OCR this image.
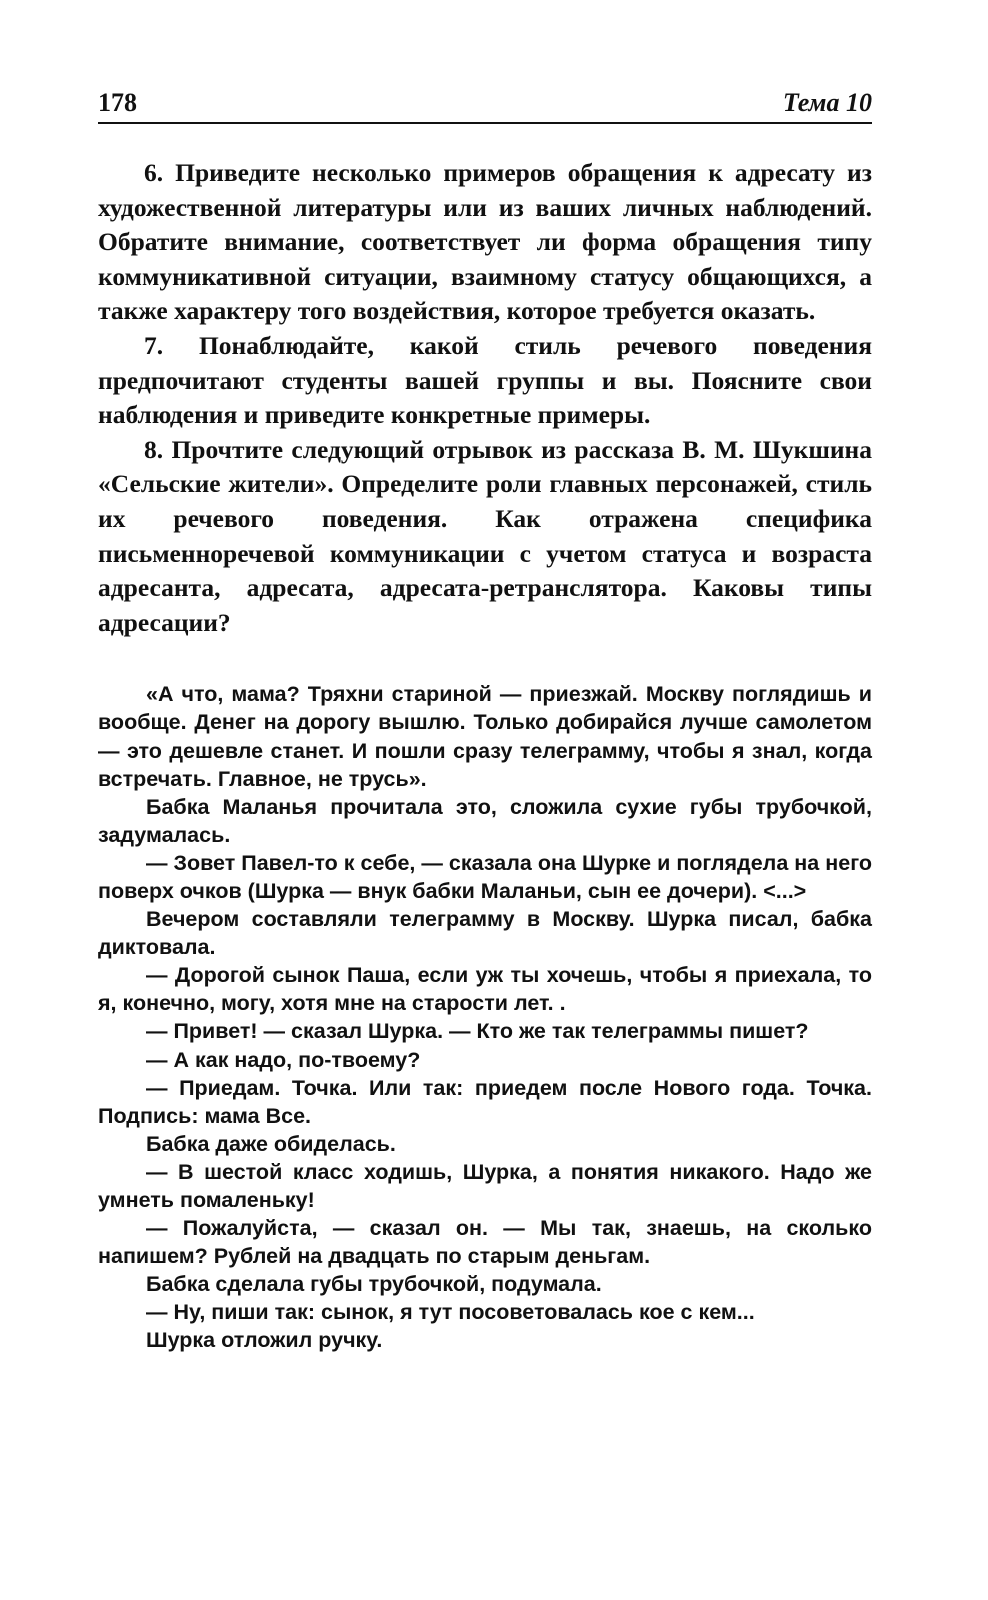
178	Тема 10

6. Приведите несколько примеров обращения к адресату из художественной литературы или из ваших личных наблюдений. Обратите внимание, соответствует ли форма обращения типу коммуникативной ситуации, взаимному статусу общающихся, а также характеру того воздействия, которое требуется оказать.

7. Понаблюдайте, какой стиль речевого поведения предпочитают студенты вашей группы и вы. Поясните свои наблюдения и приведите конкретные примеры.

8. Прочтите следующий отрывок из рассказа В. М. Шукшина «Сельские жители». Определите роли главных персонажей, стиль их речевого поведения. Как отражена специфика письменноречевой коммуникации с учетом статуса и возраста адресанта, адресата, адресата-ретранслятора. Каковы типы адресации?

«А что, мама? Тряхни стариной — приезжай. Москву поглядишь и вообще. Денег на дорогу вышлю. Только добирайся лучше самолетом — это дешевле станет. И пошли сразу телеграмму, чтобы я знал, когда встречать. Главное, не трусь».

Бабка Маланья прочитала это, сложила сухие губы трубочкой, задумалась.

— Зовет Павел-то к себе, — сказала она Шурке и поглядела на него поверх очков (Шурка — внук бабки Маланьи, сын ее дочери). <...>

Вечером составляли телеграмму в Москву. Шурка писал, бабка диктовала.

— Дорогой сынок Паша, если уж ты хочешь, чтобы я приехала, то я, конечно, могу, хотя мне на старости лет. .

— Привет! — сказал Шурка. — Кто же так телеграммы пишет?

— А как надо, по-твоему?

— Приедам. Точка. Или так: приедем после Нового года. Точка. Подпись: мама Все.

Бабка даже обиделась.

— В шестой класс ходишь, Шурка, а понятия никакого. Надо же умнеть помаленьку!

— Пожалуйста, — сказал он. — Мы так, знаешь, на сколько напишем? Рублей на двадцать по старым деньгам.

Бабка сделала губы трубочкой, подумала.

— Ну, пиши так: сынок, я тут посоветовалась кое с кем...

Шурка отложил ручку.
